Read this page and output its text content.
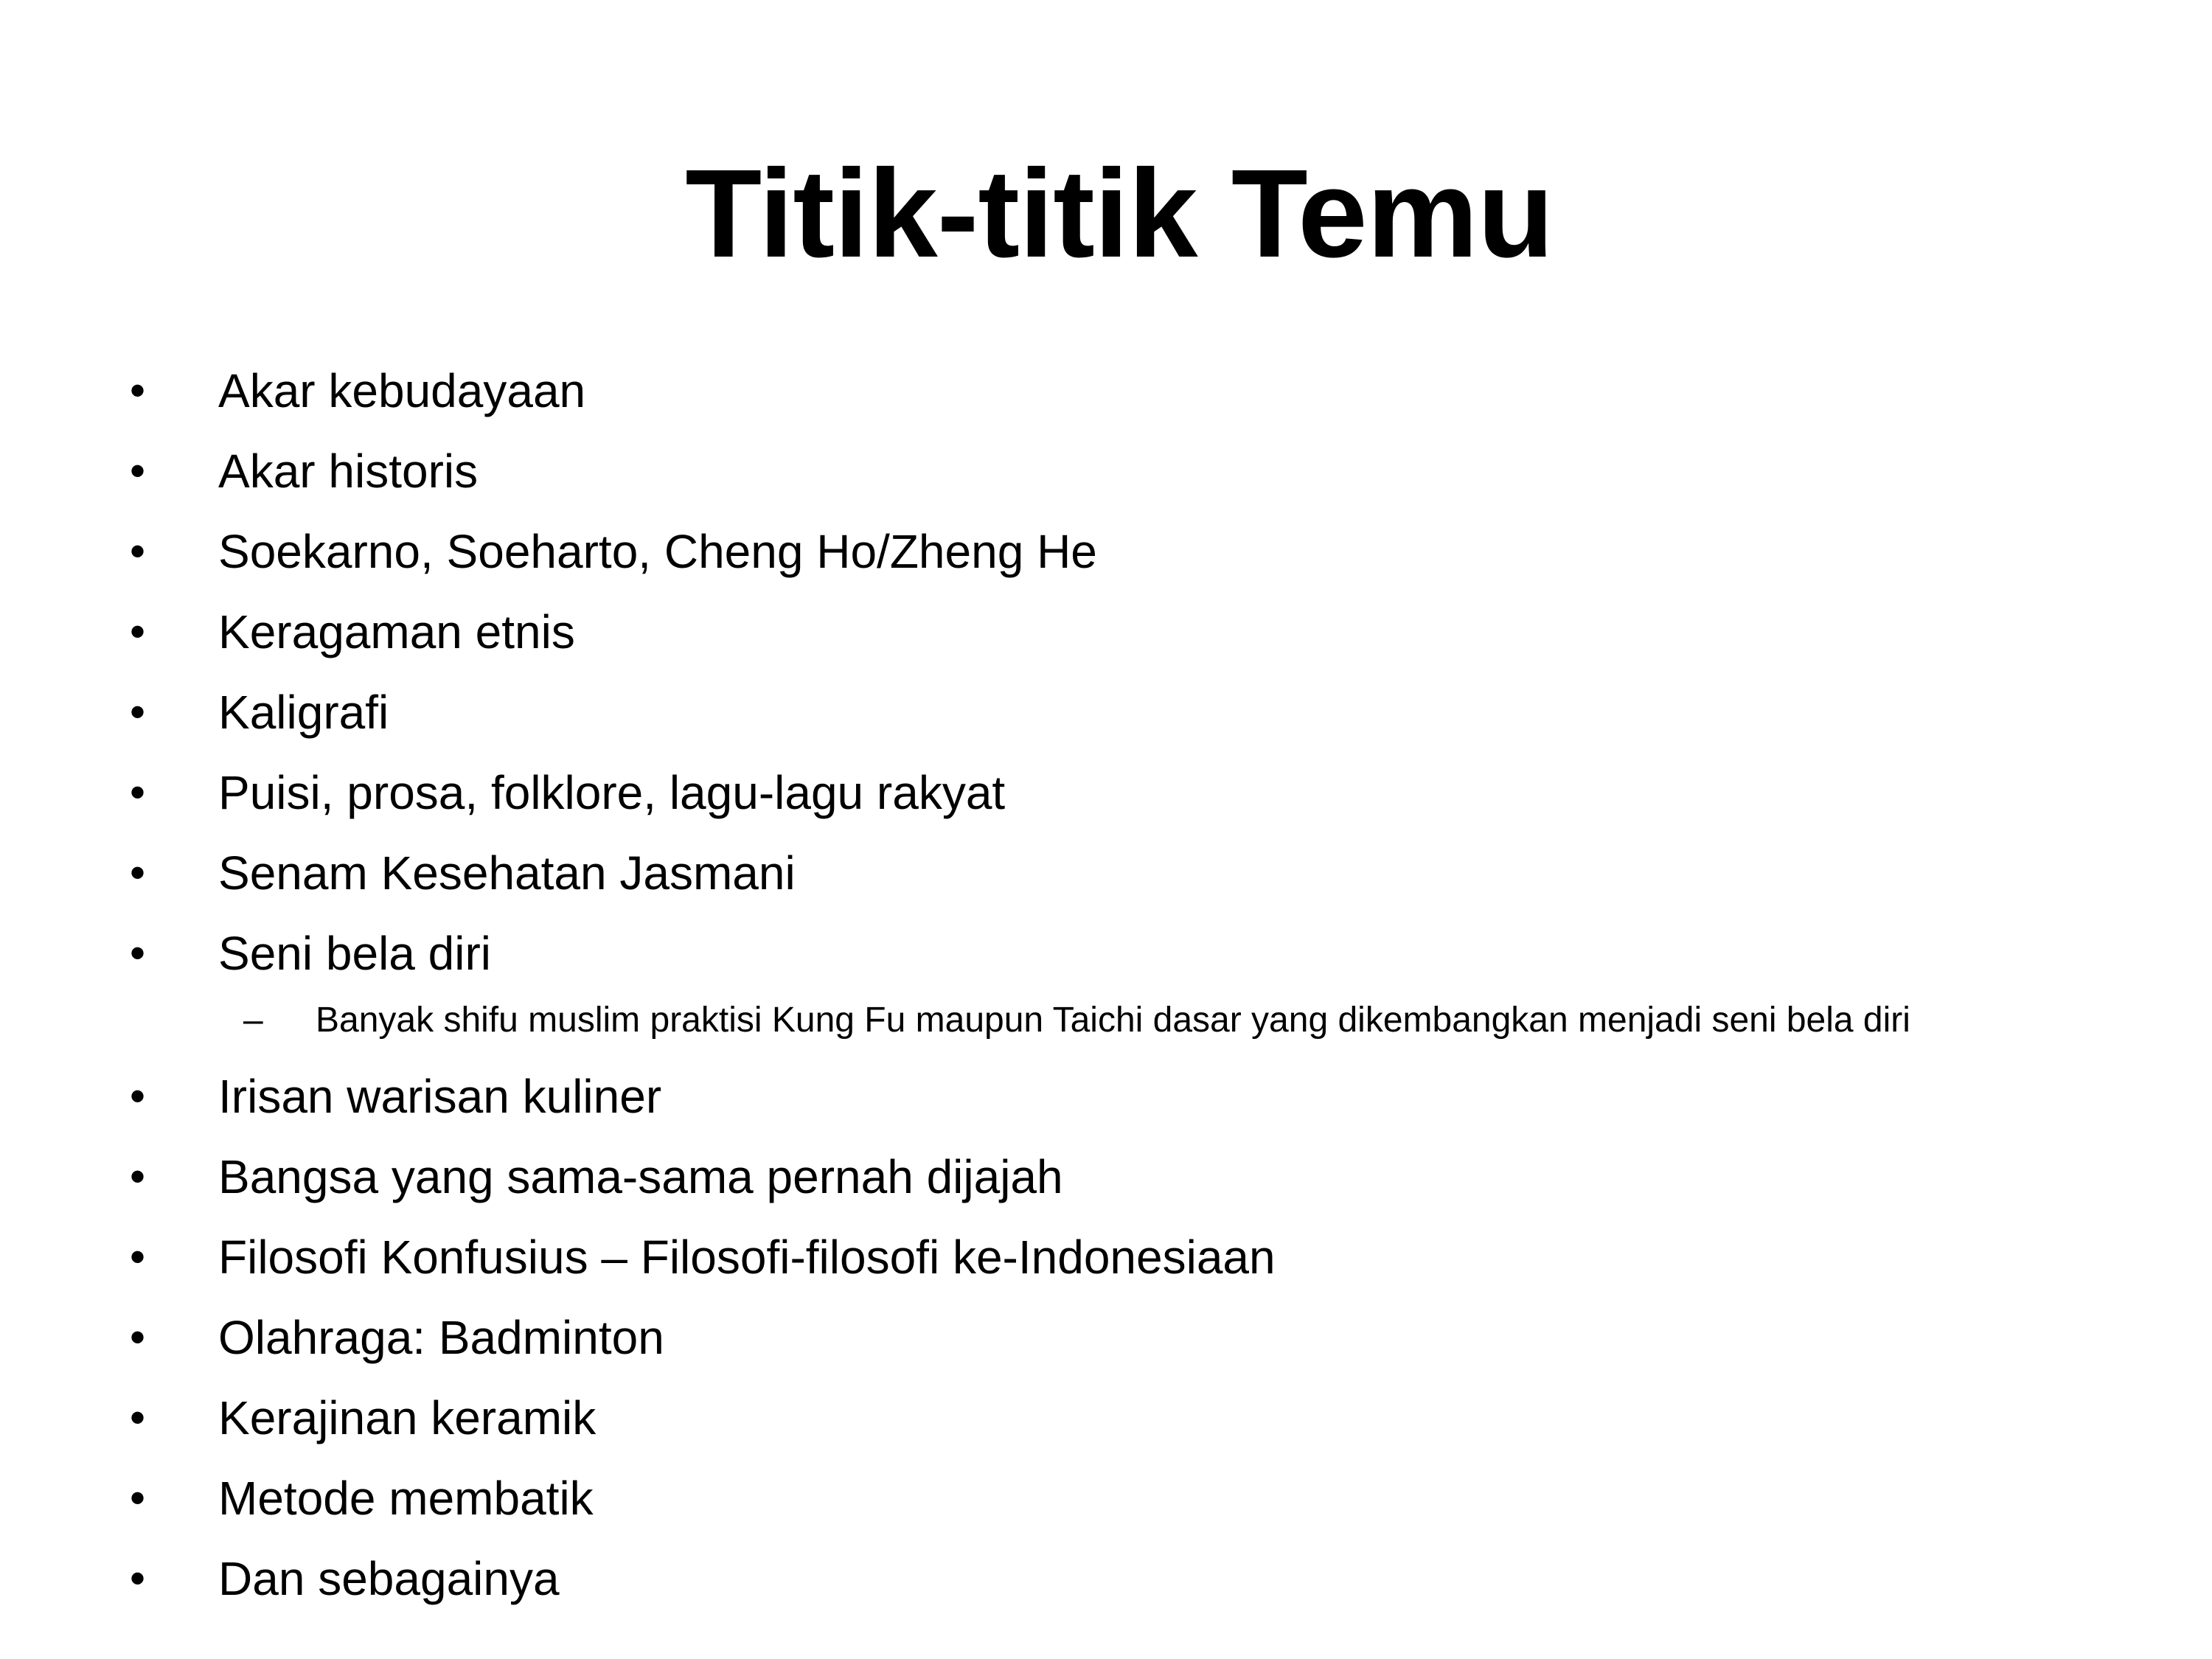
Titik-titik Temu
• Akar kebudayaan
• Akar historis
• Soekarno, Soeharto, Cheng Ho/Zheng He
• Keragaman etnis
• Kaligrafi
• Puisi, prosa, folklore, lagu-lagu rakyat
• Senam Kesehatan Jasmani
• Seni bela diri
– Banyak shifu muslim praktisi Kung Fu maupun Taichi dasar yang dikembangkan menjadi seni bela diri
• Irisan warisan kuliner
• Bangsa yang sama-sama pernah dijajah
• Filosofi Konfusius – Filosofi-filosofi ke-Indonesiaan
• Olahraga: Badminton
• Kerajinan keramik
• Metode membatik
• Dan sebagainya
